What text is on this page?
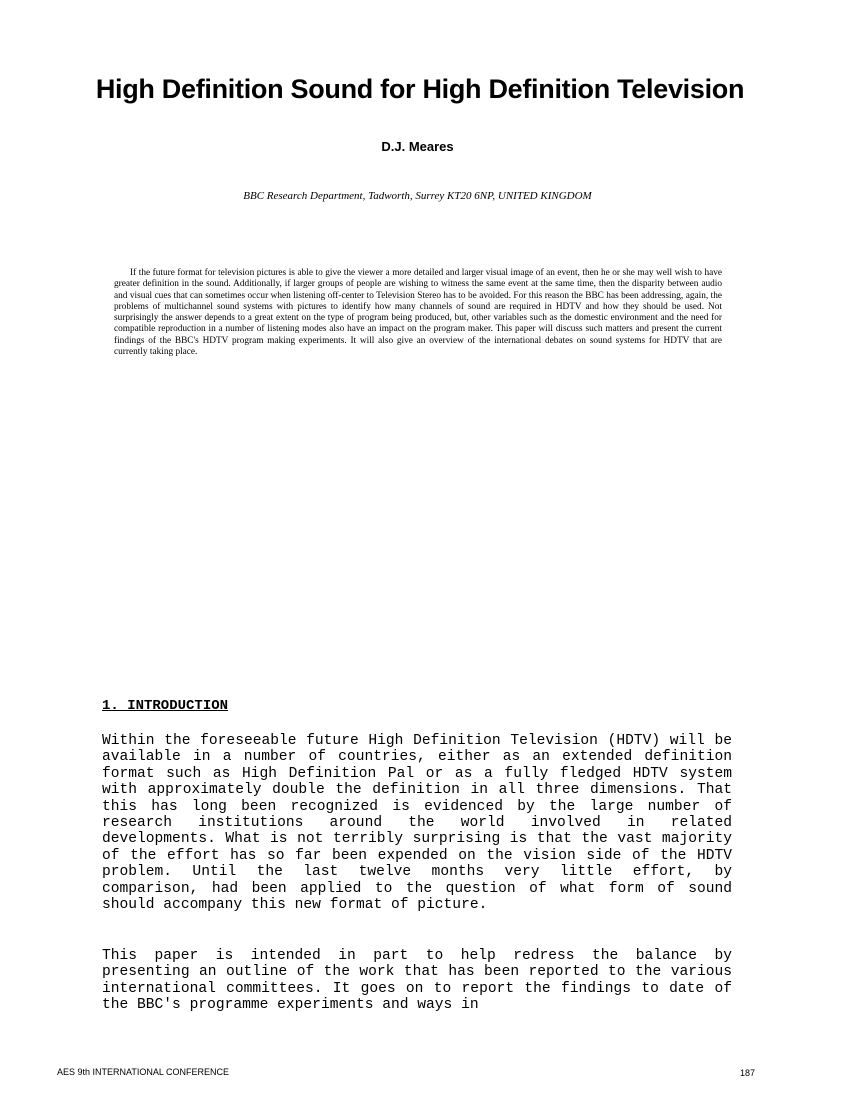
High Definition Sound for High Definition Television

D.J. Meares

BBC Research Department, Tadworth, Surrey KT20 6NP, UNITED KINGDOM

If the future format for television pictures is able to give the viewer a more detailed and larger visual image of an event, then he or she may well wish to have greater definition in the sound. Additionally, if larger groups of people are wishing to witness the same event at the same time, then the disparity between audio and visual cues that can sometimes occur when listening off-center to Television Stereo has to be avoided. For this reason the BBC has been addressing, again, the problems of multichannel sound systems with pictures to identify how many channels of sound are required in HDTV and how they should be used. Not surprisingly the answer depends to a great extent on the type of program being produced, but, other variables such as the domestic environment and the need for compatible reproduction in a number of listening modes also have an impact on the program maker. This paper will discuss such matters and present the current findings of the BBC's HDTV program making experiments. It will also give an overview of the international debates on sound systems for HDTV that are currently taking place.

1. INTRODUCTION

Within the foreseeable future High Definition Television (HDTV) will be available in a number of countries, either as an extended definition format such as High Definition Pal or as a fully fledged HDTV system with approximately double the definition in all three dimensions. That this has long been recognized is evidenced by the large number of research institutions around the world involved in related developments. What is not terribly surprising is that the vast majority of the effort has so far been expended on the vision side of the HDTV problem. Until the last twelve months very little effort, by comparison, had been applied to the question of what form of sound should accompany this new format of picture.

This paper is intended in part to help redress the balance by presenting an outline of the work that has been reported to the various international committees. It goes on to report the findings to date of the BBC's programme experiments and ways in

AES 9th INTERNATIONAL CONFERENCE	187
